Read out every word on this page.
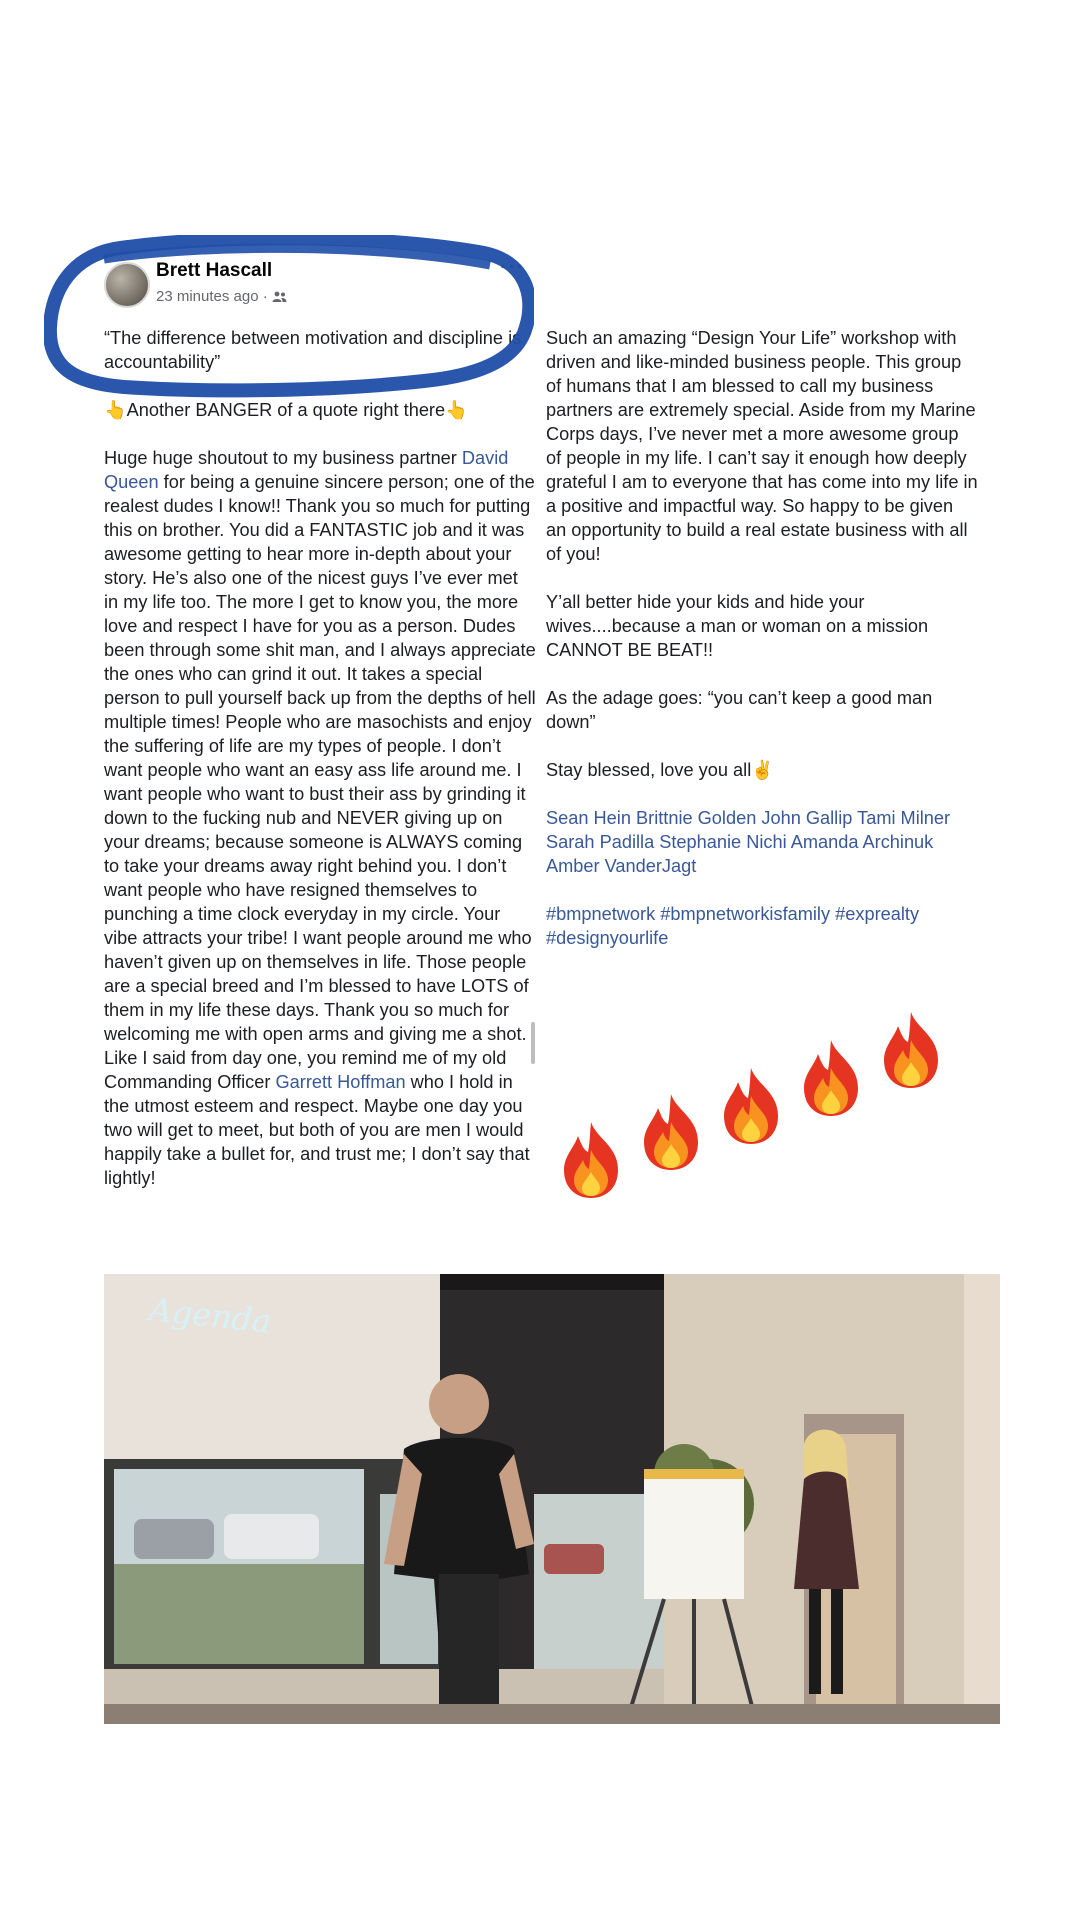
Brett Hascall
23 minutes ago ·
···

“The difference between motivation and discipline is accountability”

👆Another BANGER of a quote right there👆

Huge huge shoutout to my business partner David Queen for being a genuine sincere person; one of the realest dudes I know!! Thank you so much for putting this on brother. You did a FANTASTIC job and it was awesome getting to hear more in-depth about your story. He’s also one of the nicest guys I’ve ever met in my life too. The more I get to know you, the more love and respect I have for you as a person. Dudes been through some shit man, and I always appreciate the ones who can grind it out. It takes a special person to pull yourself back up from the depths of hell multiple times! People who are masochists and enjoy the suffering of life are my types of people. I don’t want people who want an easy ass life around me. I want people who want to bust their ass by grinding it down to the fucking nub and NEVER giving up on your dreams; because someone is ALWAYS coming to take your dreams away right behind you. I don’t want people who have resigned themselves to punching a time clock everyday in my circle. Your vibe attracts your tribe! I want people around me who haven’t given up on themselves in life. Those people are a special breed and I’m blessed to have LOTS of them in my life these days. Thank you so much for welcoming me with open arms and giving me a shot. Like I said from day one, you remind me of my old Commanding Officer Garrett Hoffman who I hold in the utmost esteem and respect. Maybe one day you two will get to meet, but both of you are men I would happily take a bullet for, and trust me; I don’t say that lightly!

Such an amazing “Design Your Life” workshop with driven and like-minded business people. This group of humans that I am blessed to call my business partners are extremely special. Aside from my Marine Corps days, I’ve never met a more awesome group of people in my life. I can’t say it enough how deeply grateful I am to everyone that has come into my life in a positive and impactful way. So happy to be given an opportunity to build a real estate business with all of you!

Y’all better hide your kids and hide your wives....because a man or woman on a mission CANNOT BE BEAT!!

As the adage goes: “you can’t keep a good man down”

Stay blessed, love you all✌️

Sean Hein Brittnie Golden John Gallip Tami Milner Sarah Padilla Stephanie Nichi Amanda Archinuk Amber VanderJagt

#bmpnetwork #bmpnetworkisfamily #exprealty #designyourlife

Agenda
